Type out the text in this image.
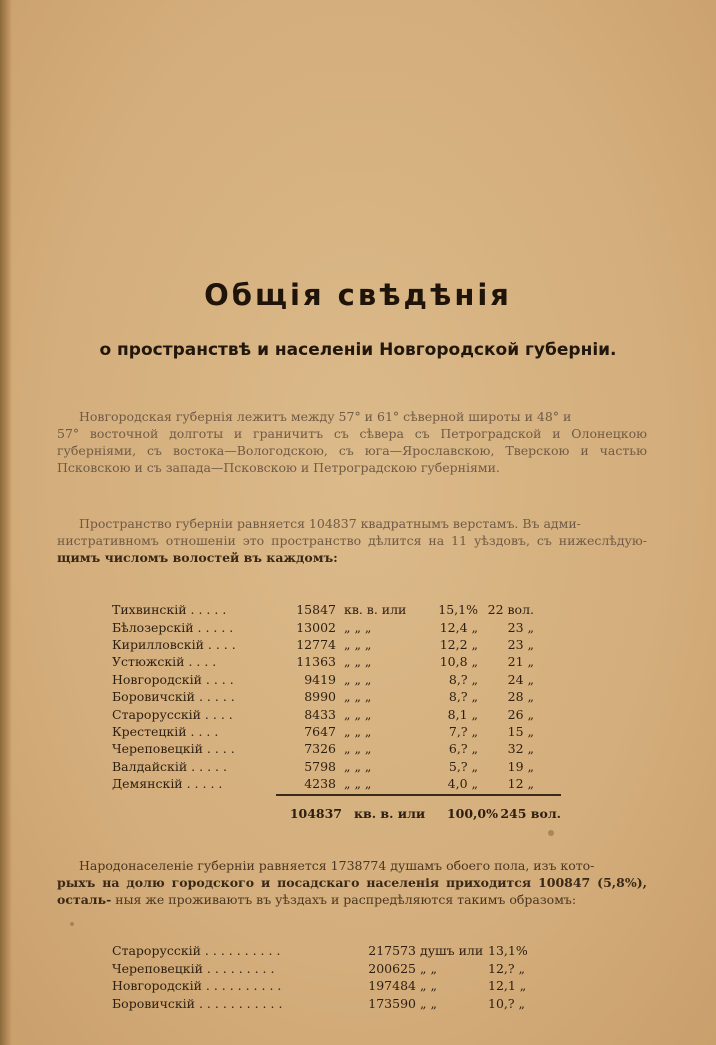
Общія свѣдѣнія
о пространствѣ и населеніи Новгородской губерніи.
Новгородская губернія лежитъ между 57° и 61° сѣверной широты и 48° и
57° восточной долготы и граничитъ съ сѣвера съ Петроградской и Олонецкою губерніями, съ востока—Вологодскою, съ юга—Ярославскою, Тверскою и частью Псковскою и съ запада—Псковскою и Петроградскою губерніями.
Пространство губерніи равняется 104837 квадратнымъ верстамъ. Въ адми-
нистративномъ отношеніи это пространство дѣлится на 11 уѣздовъ, съ нижеслѣдую- щимъ числомъ волостей въ каждомъ:
Тихвинскій . . . . .	15847	кв. в. или	15,1%	22 вол.
Бѣлозерскій . . . . .	13002	„ „ „	12,4 „	23 „
Кирилловскій . . . .	12774	„ „ „	12,2 „	23 „
Устюжскій . . . .	11363	„ „ „	10,8 „	21 „
Новгородскій . . . .	9419	„ „ „	8,? „	24 „
Боровичскій . . . . .	8990	„ „ „	8,? „	28 „
Старорусскій . . . .	8433	„ „ „	8,1 „	26 „
Крестецкій . . . .	7647	„ „ „	7,? „	15 „
Череповецкій . . . .	7326	„ „ „	6,? „	32 „
Валдайскій . . . . .	5798	„ „ „	5,? „	19 „
Демянскій . . . . .	4238	„ „ „	4,0 „	12 „
104837 кв. в. или	100,0% 245 вол.
Народонаселеніе губерніи равняется 1738774 душамъ обоего пола, изъ кото-
рыхъ на долю городского и посадскаго населенія приходится 100847 (5,8%), осталь- ныя же проживаютъ въ уѣздахъ и распредѣляются такимъ образомъ:
Старорусскій . . . . . . . . . .	217573	душъ или	13,1%
Череповецкій . . . . . . . . .	200625	„ „	12,? „
Новгородскій . . . . . . . . . .	197484	„ „	12,1 „
Боровичскій . . . . . . . . . . .	173590	„ „	10,? „
